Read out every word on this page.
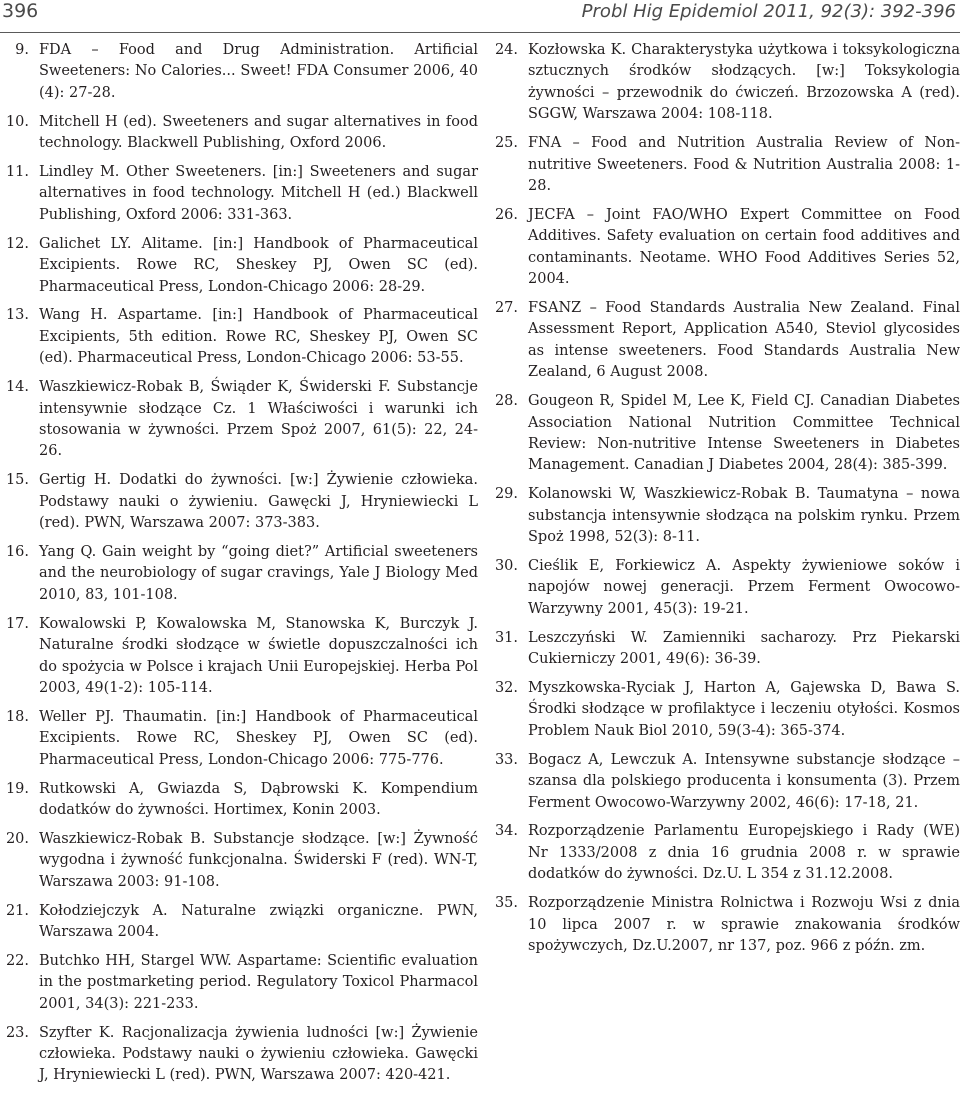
396	Probl Hig Epidemiol 2011, 92(3): 392-396
9. FDA – Food and Drug Administration. Artificial Sweeteners: No Calories... Sweet! FDA Consumer 2006, 40 (4): 27-28.
10. Mitchell H (ed). Sweeteners and sugar alternatives in food technology. Blackwell Publishing, Oxford 2006.
11. Lindley M. Other Sweeteners. [in:] Sweeteners and sugar alternatives in food technology. Mitchell H (ed.) Blackwell Publishing, Oxford 2006: 331-363.
12. Galichet LY. Alitame. [in:] Handbook of Pharmaceutical Excipients. Rowe RC, Sheskey PJ, Owen SC (ed). Pharmaceutical Press, London-Chicago 2006: 28-29.
13. Wang H. Aspartame. [in:] Handbook of Pharmaceutical Excipients, 5th edition. Rowe RC, Sheskey PJ, Owen SC (ed). Pharmaceutical Press, London-Chicago 2006: 53-55.
14. Waszkiewicz-Robak B, Świąder K, Świderski F. Substancje intensywnie słodzące Cz. 1 Właściwości i warunki ich stosowania w żywności. Przem Spoż 2007, 61(5): 22, 24-26.
15. Gertig H. Dodatki do żywności. [w:] Żywienie człowieka. Podstawy nauki o żywieniu. Gawęcki J, Hryniewiecki L (red). PWN, Warszawa 2007: 373-383.
16. Yang Q. Gain weight by “going diet?” Artificial sweeteners and the neurobiology of sugar cravings, Yale J Biology Med 2010, 83, 101-108.
17. Kowalowski P, Kowalowska M, Stanowska K, Burczyk J. Naturalne środki słodzące w świetle dopuszczalności ich do spożycia w Polsce i krajach Unii Europejskiej. Herba Pol 2003, 49(1-2): 105-114.
18. Weller PJ. Thaumatin. [in:] Handbook of Pharmaceutical Excipients. Rowe RC, Sheskey PJ, Owen SC (ed). Pharmaceutical Press, London-Chicago 2006: 775-776.
19. Rutkowski A, Gwiazda S, Dąbrowski K. Kompendium dodatków do żywności. Hortimex, Konin 2003.
20. Waszkiewicz-Robak B. Substancje słodzące. [w:] Żywność wygodna i żywność funkcjonalna. Świderski F (red). WN-T, Warszawa 2003: 91-108.
21. Kołodziejczyk A. Naturalne związki organiczne. PWN, Warszawa 2004.
22. Butchko HH, Stargel WW. Aspartame: Scientific evaluation in the postmarketing period. Regulatory Toxicol Pharmacol 2001, 34(3): 221-233.
23. Szyfter K. Racjonalizacja żywienia ludności [w:] Żywienie człowieka. Podstawy nauki o żywieniu człowieka. Gawęcki J, Hryniewiecki L (red). PWN, Warszawa 2007: 420-421.
24. Kozłowska K. Charakterystyka użytkowa i toksykologiczna sztucznych środków słodzących. [w:] Toksykologia żywności – przewodnik do ćwiczeń. Brzozowska A (red). SGGW, Warszawa 2004: 108-118.
25. FNA – Food and Nutrition Australia Review of Non-nutritive Sweeteners. Food & Nutrition Australia 2008: 1-28.
26. JECFA – Joint FAO/WHO Expert Committee on Food Additives. Safety evaluation on certain food additives and contaminants. Neotame. WHO Food Additives Series 52, 2004.
27. FSANZ – Food Standards Australia New Zealand. Final Assessment Report, Application A540, Steviol glycosides as intense sweeteners. Food Standards Australia New Zealand, 6 August 2008.
28. Gougeon R, Spidel M, Lee K, Field CJ. Canadian Diabetes Association National Nutrition Committee Technical Review: Non-nutritive Intense Sweeteners in Diabetes Management. Canadian J Diabetes 2004, 28(4): 385-399.
29. Kolanowski W, Waszkiewicz-Robak B. Taumatyna – nowa substancja intensywnie słodząca na polskim rynku. Przem Spoż 1998, 52(3): 8-11.
30. Cieślik E, Forkiewicz A. Aspekty żywieniowe soków i napojów nowej generacji. Przem Ferment Owocowo-Warzywny 2001, 45(3): 19-21.
31. Leszczyński W. Zamienniki sacharozy. Prz Piekarski Cukierniczy 2001, 49(6): 36-39.
32. Myszkowska-Ryciak J, Harton A, Gajewska D, Bawa S. Środki słodzące w profilaktyce i leczeniu otyłości. Kosmos Problem Nauk Biol 2010, 59(3-4): 365-374.
33. Bogacz A, Lewczuk A. Intensywne substancje słodzące – szansa dla polskiego producenta i konsumenta (3). Przem Ferment Owocowo-Warzywny 2002, 46(6): 17-18, 21.
34. Rozporządzenie Parlamentu Europejskiego i Rady (WE) Nr 1333/2008 z dnia 16 grudnia 2008 r. w sprawie dodatków do żywności. Dz.U. L 354 z 31.12.2008.
35. Rozporządzenie Ministra Rolnictwa i Rozwoju Wsi z dnia 10 lipca 2007 r. w sprawie znakowania środków spożywczych, Dz.U.2007, nr 137, poz. 966 z późn. zm.
